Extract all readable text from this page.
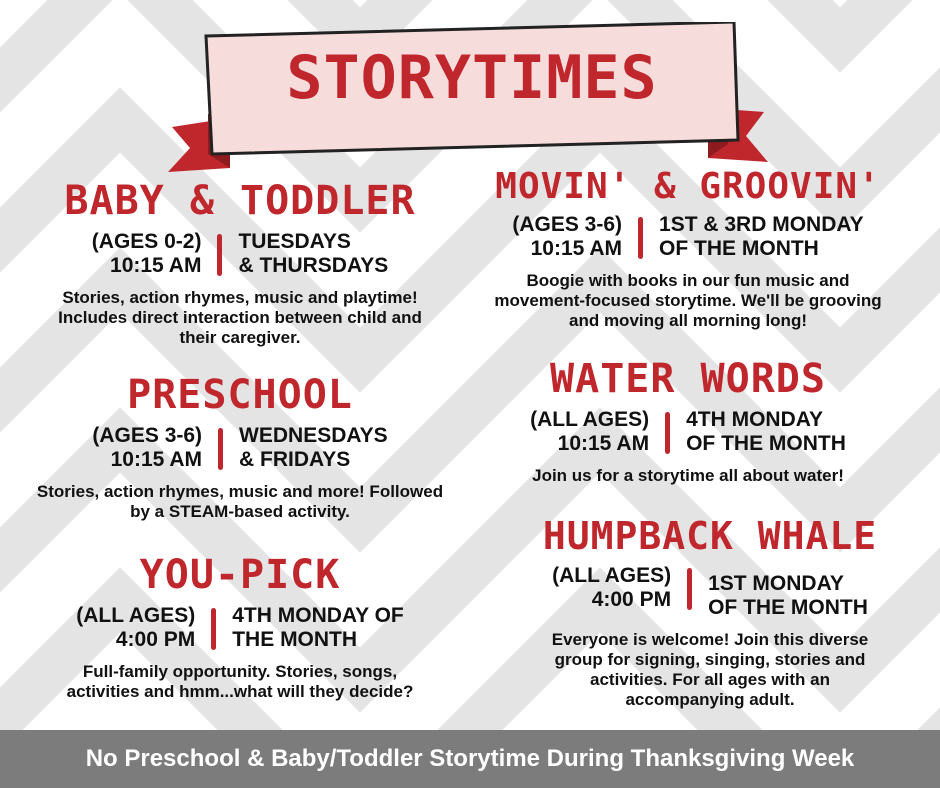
STORYTIMES
BABY & TODDLER
(AGES 0-2)
10:15 AM
TUESDAYS
& THURSDAYS
Stories, action rhymes, music and playtime! Includes direct interaction between child and their caregiver.
PRESCHOOL
(AGES 3-6)
10:15 AM
WEDNESDAYS
& FRIDAYS
Stories, action rhymes, music and more! Followed by a STEAM-based activity.
YOU-PICK
(ALL AGES)
4:00 PM
4TH MONDAY OF
THE MONTH
Full-family opportunity. Stories, songs, activities and hmm...what will they decide?
MOVIN' & GROOVIN'
(AGES 3-6)
10:15 AM
1ST & 3RD MONDAY
OF THE MONTH
Boogie with books in our fun music and movement-focused storytime. We'll be grooving and moving all morning long!
WATER WORDS
(ALL AGES)
10:15 AM
4TH MONDAY
OF THE MONTH
Join us for a storytime all about water!
HUMPBACK WHALE
(ALL AGES)
4:00 PM
1ST MONDAY
OF THE MONTH
Everyone is welcome! Join this diverse group for signing, singing, stories and activities. For all ages with an accompanying adult.
No Preschool & Baby/Toddler Storytime During Thanksgiving Week
